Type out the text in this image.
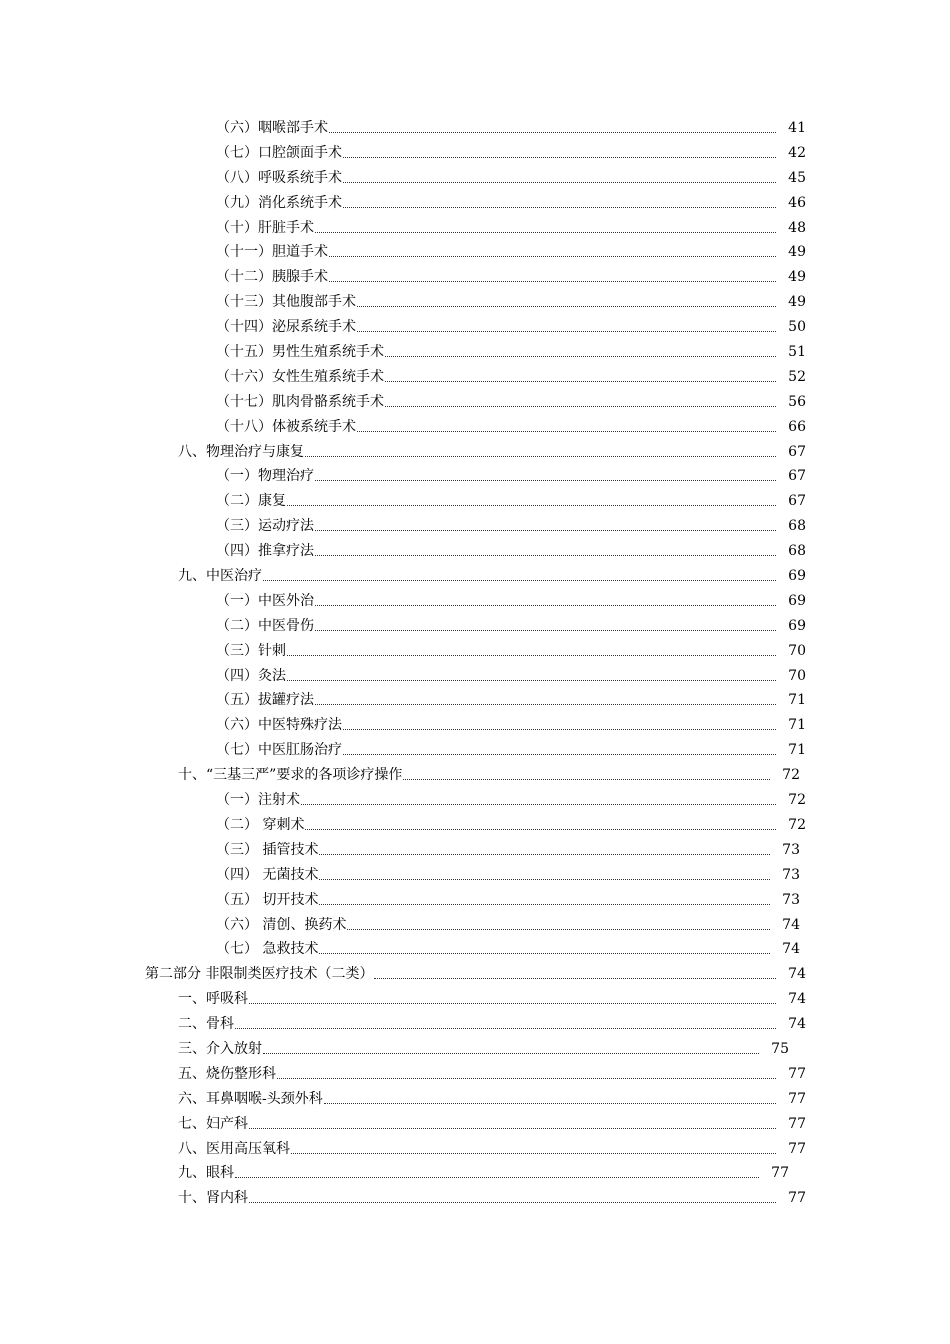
（六）咽喉部手术	41
（七）口腔颌面手术	42
（八）呼吸系统手术	45
（九）消化系统手术	46
（十）肝脏手术	48
（十一）胆道手术	49
（十二）胰腺手术	49
（十三）其他腹部手术	49
（十四）泌尿系统手术	50
（十五）男性生殖系统手术	51
（十六）女性生殖系统手术	52
（十七）肌肉骨骼系统手术	56
（十八）体被系统手术	66
八、物理治疗与康复	67
（一）物理治疗	67
（二）康复	67
（三）运动疗法	68
（四）推拿疗法	68
九、中医治疗	69
（一）中医外治	69
（二）中医骨伤	69
（三）针刺	70
（四）灸法	70
（五）拔罐疗法	71
（六）中医特殊疗法	71
（七）中医肛肠治疗	71
十、“三基三严”要求的各项诊疗操作	72
（一）注射术	72
（二） 穿刺术	72
（三） 插管技术	73
（四） 无菌技术	73
（五） 切开技术	73
（六） 清创、换药术	74
（七） 急救技术	74
第二部分 非限制类医疗技术（二类）	74
一、呼吸科	74
二、骨科	74
三、介入放射	75
五、烧伤整形科	77
六、耳鼻咽喉-头颈外科	77
七、妇产科	77
八、医用高压氧科	77
九、眼科	77
十、肾内科	77
